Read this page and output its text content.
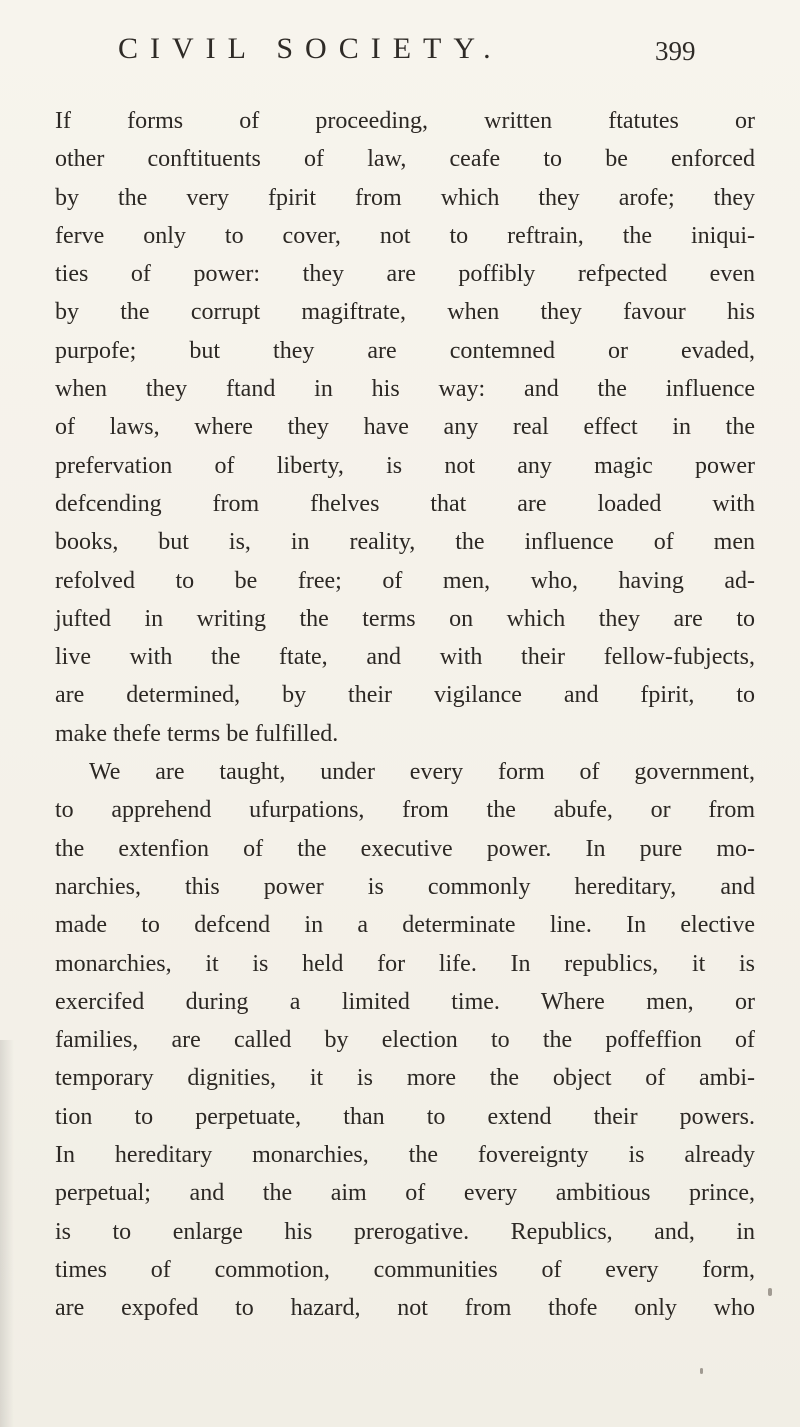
CIVIL SOCIETY.	399
If forms of proceeding, written ftatutes or
other conftituents of law, ceafe to be enforced
by the very fpirit from which they arofe; they
ferve only to cover, not to reftrain, the iniqui-
ties of power: they are poffibly refpected even
by the corrupt magiftrate, when they favour his
purpofe; but they are contemned or evaded,
when they ftand in his way: and the influence
of laws, where they have any real effect in the
prefervation of liberty, is not any magic power
defcending from fhelves that are loaded with
books, but is, in reality, the influence of men
refolved to be free; of men, who, having ad-
jufted in writing the terms on which they are to
live with the ftate, and with their fellow-fubjects,
are determined, by their vigilance and fpirit, to
make thefe terms be fulfilled.
We are taught, under every form of government,
to apprehend ufurpations, from the abufe, or from
the extenfion of the executive power. In pure mo-
narchies, this power is commonly hereditary, and
made to defcend in a determinate line. In elective
monarchies, it is held for life. In republics, it is
exercifed during a limited time. Where men, or
families, are called by election to the poffeffion of
temporary dignities, it is more the object of ambi-
tion to perpetuate, than to extend their powers.
In hereditary monarchies, the fovereignty is already
perpetual; and the aim of every ambitious prince,
is to enlarge his prerogative. Republics, and, in
times of commotion, communities of every form,
are expofed to hazard, not from thofe only who
